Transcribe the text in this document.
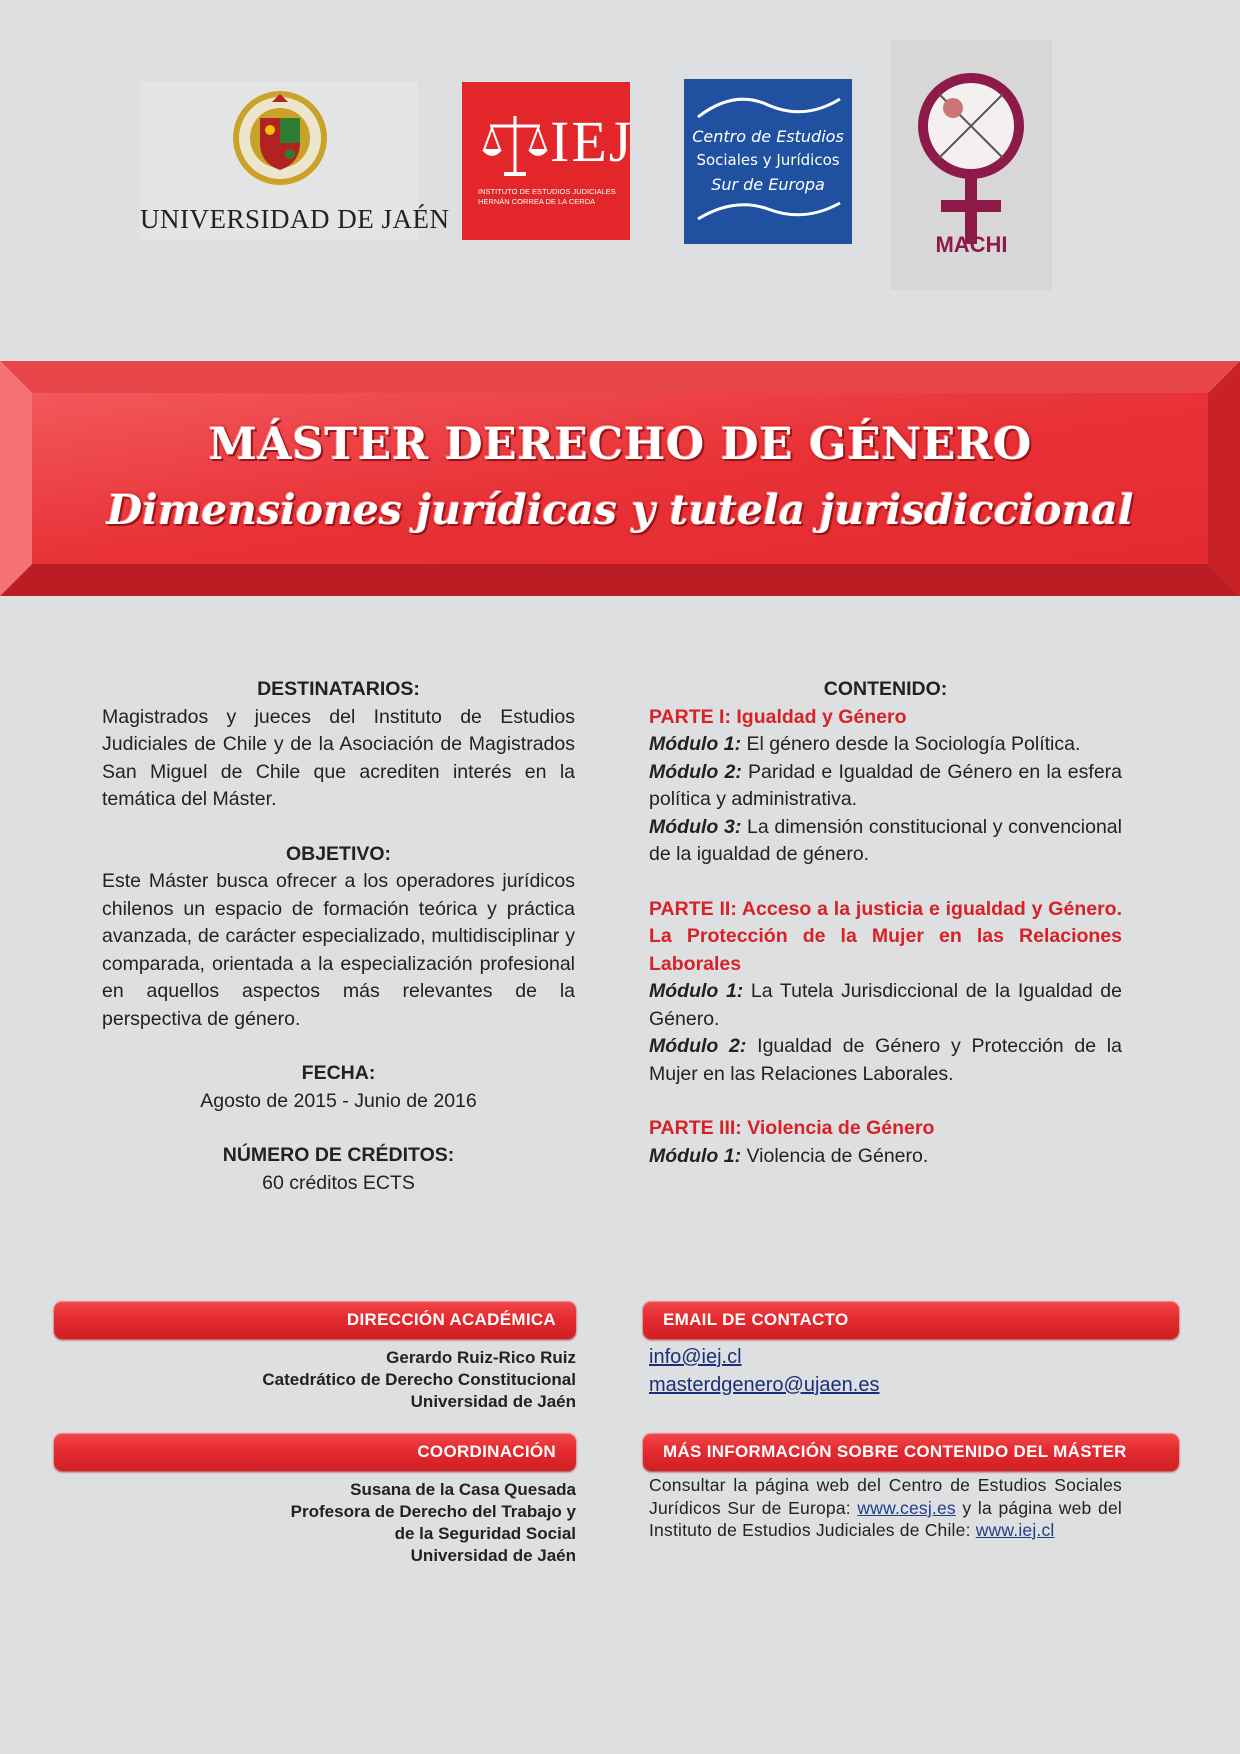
UNIVERSIDAD DE JAÉN
IEJ
INSTITUTO DE ESTUDIOS JUDICIALES
HERNÁN CORREA DE LA CERDA
Centro de Estudios
Sociales y Jurídicos
Sur de Europa
MACHI
MÁSTER DERECHO DE GÉNERO
Dimensiones jurídicas y tutela jurisdiccional
DESTINATARIOS:
Magistrados y jueces del Instituto de Estudios Judiciales de Chile y de la Asociación de Magistrados San Miguel de Chile que acrediten interés en la temática del Máster.
OBJETIVO:
Este Máster busca ofrecer a los operadores jurídicos chilenos un espacio de formación teórica y práctica avanzada, de carácter especializado, multidisciplinar y comparada, orientada a la especialización profesional en aquellos aspectos más relevantes de la perspectiva de género.
FECHA:
Agosto de 2015 - Junio de 2016
NÚMERO DE CRÉDITOS:
60 créditos ECTS
CONTENIDO:
PARTE I: Igualdad y Género
Módulo 1: El género desde la Sociología Política.
Módulo 2: Paridad e Igualdad de Género en la esfera política y administrativa.
Módulo 3: La dimensión constitucional y convencional de la igualdad de género.
PARTE II: Acceso a la justicia e igualdad y Género. La Protección de la Mujer en las Relaciones Laborales
Módulo 1: La Tutela Jurisdiccional de la Igualdad de Género.
Módulo 2: Igualdad de Género y Protección de la Mujer en las Relaciones Laborales.
PARTE III: Violencia de Género
Módulo 1: Violencia de Género.
DIRECCIÓN ACADÉMICA
Gerardo Ruiz-Rico Ruiz
Catedrático de Derecho Constitucional
Universidad de Jaén
COORDINACIÓN
Susana de la Casa Quesada
Profesora de Derecho del Trabajo y
de la Seguridad Social
Universidad de Jaén
EMAIL DE CONTACTO
info@iej.cl
masterdgenero@ujaen.es
MÁS INFORMACIÓN SOBRE CONTENIDO DEL MÁSTER
Consultar la página web del Centro de Estudios Sociales Jurídicos Sur de Europa: www.cesj.es y la página web del Instituto de Estudios Judiciales de Chile: www.iej.cl
